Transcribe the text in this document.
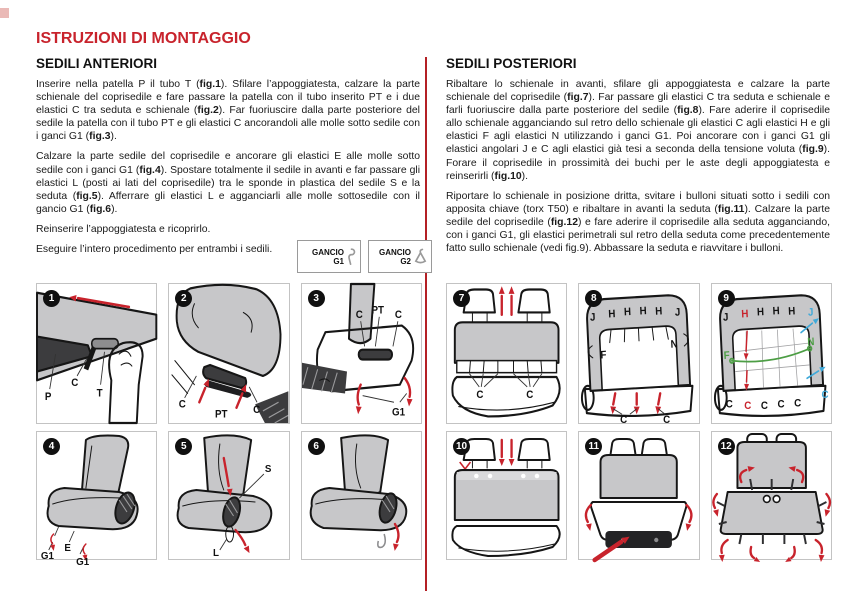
ISTRUZIONI DI MONTAGGIO
SEDILI ANTERIORI

Inserire nella patella P il tubo T (fig.1). Sfilare l’appoggiatesta, calzare la parte schienale del coprisedile e fare passare la patella con il tubo inserito PT e i due elastici C tra seduta e schienale (fig.2). Far fuoriuscire dalla parte posteriore del sedile la patella con il tubo PT e gli elastici C ancorandoli alle molle sotto sedile con i ganci G1 (fig.3).

Calzare la parte sedile del coprisedile e ancorare gli elastici E alle molle sotto sedile con i ganci G1 (fig.4). Spostare totalmente il sedile in avanti e far passare gli elastici L (posti ai lati del coprisedile) tra le sponde in plastica del sedile S e la seduta (fig.5). Afferrare gli elastici L e agganciarli alle molle sottosedile con il gancio G1 (fig.6).

Reinserire l’appoggiatesta e ricoprirlo.

Eseguire l’intero procedimento per entrambi i sedili.

SEDILI POSTERIORI

Ribaltare lo schienale in avanti, sfilare gli appoggiatesta e calzare la parte schienale del coprisedile (fig.7). Far passare gli elastici C tra seduta e schienale e farli fuoriuscire dalla parte posteriore del sedile (fig.8). Fare aderire il coprisedile allo schienale agganciando sul retro dello schienale gli elastici C agli elastici H e gli elastici F agli elastici N utilizzando i ganci G1. Poi ancorare con i ganci G1 gli elastici angolari J e C agli elastici già tesi a seconda della tensione voluta (fig.9). Forare il coprisedile in prossimità dei buchi per le aste degli appoggiatesta e reinserirli (fig.10).

Riportare lo schienale in posizione dritta, svitare i bulloni situati sotto i sedili con apposita chiave (torx T50) e ribaltare in avanti la seduta (fig.11). Calzare la parte sedile del coprisedile (fig.12) e fare aderire il coprisedile alla seduta agganciando, con i ganci G1, gli elastici perimetrali sul retro della seduta come precedentemente fatto sullo schienale (vedi fig.9). Abbassare la seduta e riavvitare i bulloni.

GANCIO
G1
GANCIO
G2
1
P
C
T
2
C
PT	C
3
C PT C
G1
4
G1
E
G1
5
S
L
6
7
C	C
8
J H H H H J
F
N
C	C
9
J H H H H J
F
N
C C C C C
C
10	11	12
